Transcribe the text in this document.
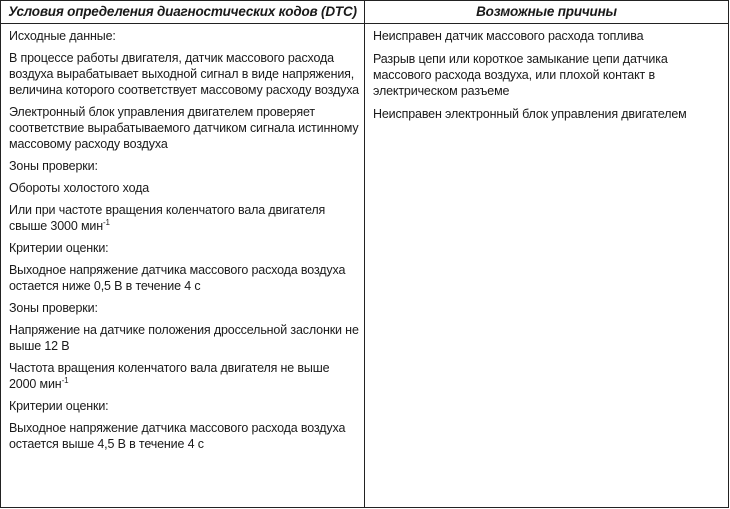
Условия определения диагностических кодов (DTC)	Возможные причины

Исходные данные:

В процессе работы двигателя, датчик массового расхода воздуха вырабатывает выходной сигнал в виде напряжения, величина которого соответствует массовому расходу воздуха

Электронный блок управления двигателем проверяет соответствие вырабатываемого датчиком сигнала истинному массовому расходу воздуха

Зоны проверки:

Обороты холостого хода

Или при частоте вращения коленчатого вала двигателя свыше 3000 мин$^{-1}$

Критерии оценки:

Выходное напряжение датчика массового расхода воздуха остается ниже 0,5 В в течение 4 с

Зоны проверки:

Напряжение на датчике положения дроссельной заслонки не выше 12 В

Частота вращения коленчатого вала двигателя не выше 2000 мин$^{-1}$

Критерии оценки:

Выходное напряжение датчика массового расхода воздуха остается выше 4,5 В в течение 4 с

Неисправен датчик массового расхода топлива

Разрыв цепи или короткое замыкание цепи датчика массового расхода воздуха, или плохой контакт в электрическом разъеме

Неисправен электронный блок управления двигателем
